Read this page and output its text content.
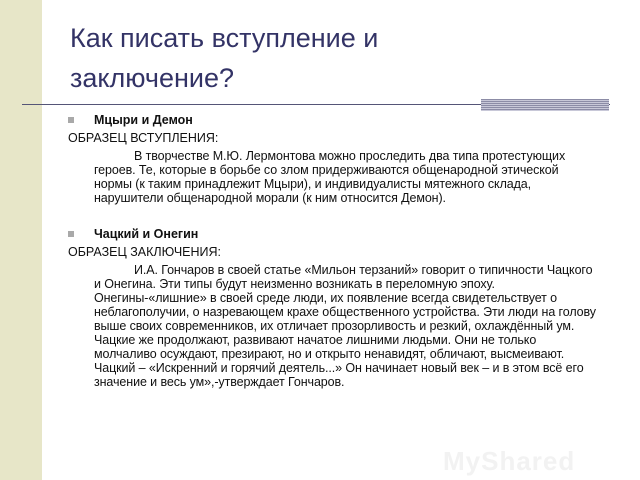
Как писать вступление и
заключение?
Мцыри и Демон
ОБРАЗЕЦ ВСТУПЛЕНИЯ:
В творчестве М.Ю. Лермонтова можно проследить два типа протестующих героев. Те, которые в борьбе со злом придерживаются общенародной этической нормы (к таким принадлежит Мцыри), и индивидуалисты мятежного склада, нарушители общенародной морали (к ним относится Демон).
Чацкий и Онегин
ОБРАЗЕЦ ЗАКЛЮЧЕНИЯ:
И.А. Гончаров в своей статье «Мильон терзаний» говорит о типичности Чацкого и Онегина. Эти типы будут неизменно возникать в переломную эпоху. Онегины-«лишние» в своей среде люди, их появление всегда свидетельствует о неблагополучии, о назревающем крахе общественного устройства. Эти люди на голову выше своих современников, их отличает прозорливость и резкий, охлаждённый ум. Чацкие же продолжают, развивают начатое лишними людьми. Они не только молчаливо осуждают, презирают, но и открыто ненавидят, обличают, высмеивают. Чацкий – «Искренний и горячий деятель...» Он начинает новый век – и в этом всё его значение и весь ум»,-утверждает Гончаров.
MyShared
